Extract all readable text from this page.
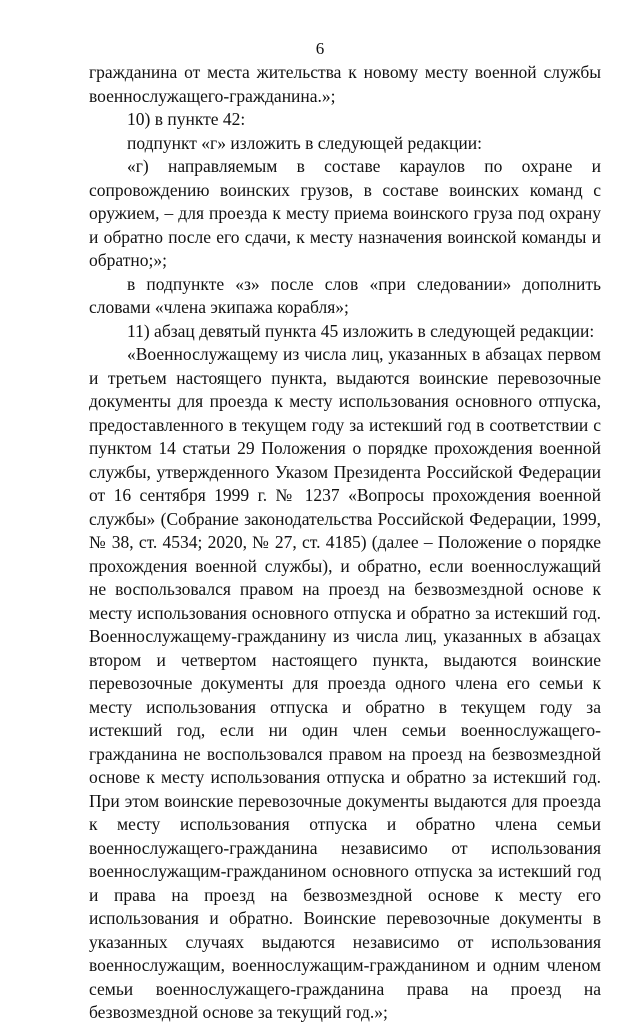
6

гражданина от места жительства к новому месту военной службы военнослужащего-гражданина.»;

10) в пункте 42:

подпункт «г» изложить в следующей редакции:

«г) направляемым в составе караулов по охране и сопровождению воинских грузов, в составе воинских команд с оружием, – для проезда к месту приема воинского груза под охрану и обратно после его сдачи, к месту назначения воинской команды и обратно;»;

в подпункте «з» после слов «при следовании» дополнить словами «члена экипажа корабля»;

11) абзац девятый пункта 45 изложить в следующей редакции:

«Военнослужащему из числа лиц, указанных в абзацах первом и третьем настоящего пункта, выдаются воинские перевозочные документы для проезда к месту использования основного отпуска, предоставленного в текущем году за истекший год в соответствии с пунктом 14 статьи 29 Положения о порядке прохождения военной службы, утвержденного Указом Президента Российской Федерации от 16 сентября 1999 г. № 1237 «Вопросы прохождения военной службы» (Собрание законодательства Российской Федерации, 1999, № 38, ст. 4534; 2020, № 27, ст. 4185) (далее – Положение о порядке прохождения военной службы), и обратно, если военнослужащий не воспользовался правом на проезд на безвозмездной основе к месту использования основного отпуска и обратно за истекший год. Военнослужащему-гражданину из числа лиц, указанных в абзацах втором и четвертом настоящего пункта, выдаются воинские перевозочные документы для проезда одного члена его семьи к месту использования отпуска и обратно в текущем году за истекший год, если ни один член семьи военнослужащего-гражданина не воспользовался правом на проезд на безвозмездной основе к месту использования отпуска и обратно за истекший год. При этом воинские перевозочные документы выдаются для проезда к месту использования отпуска и обратно члена семьи военнослужащего-гражданина независимо от использования военнослужащим-гражданином основного отпуска за истекший год и права на проезд на безвозмездной основе к месту его использования и обратно. Воинские перевозочные документы в указанных случаях выдаются независимо от использования военнослужащим, военнослужащим-гражданином и одним членом семьи военнослужащего-гражданина права на проезд на безвозмездной основе за текущий год.»;
